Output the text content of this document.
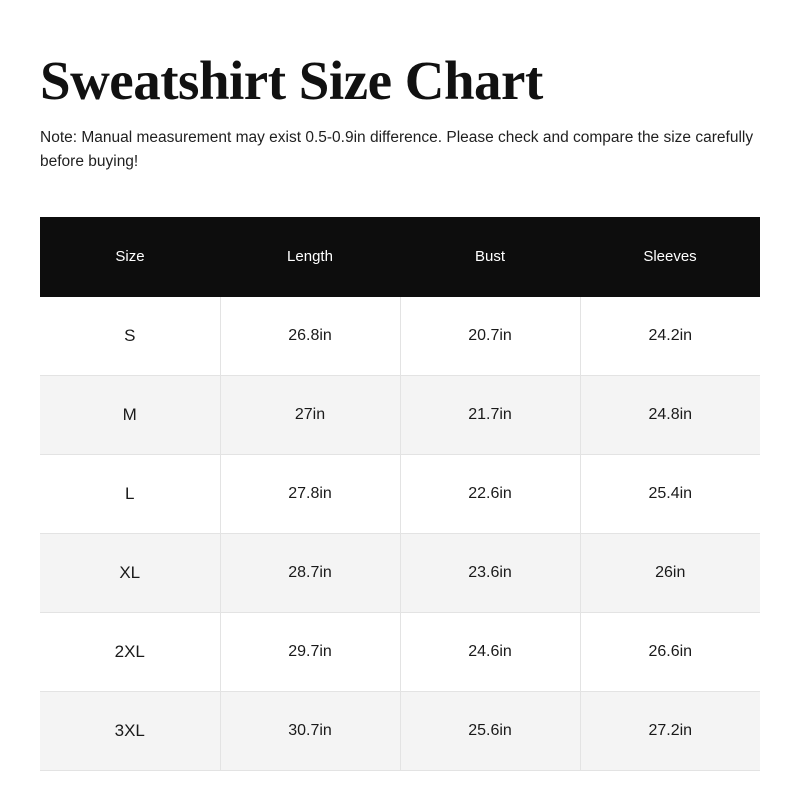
Sweatshirt Size Chart

Note: Manual measurement may exist 0.5-0.9in difference. Please check and compare the size carefully before buying!

Size	Length	Bust	Sleeves
S	26.8in	20.7in	24.2in
M	27in	21.7in	24.8in
L	27.8in	22.6in	25.4in
XL	28.7in	23.6in	26in
2XL	29.7in	24.6in	26.6in
3XL	30.7in	25.6in	27.2in
